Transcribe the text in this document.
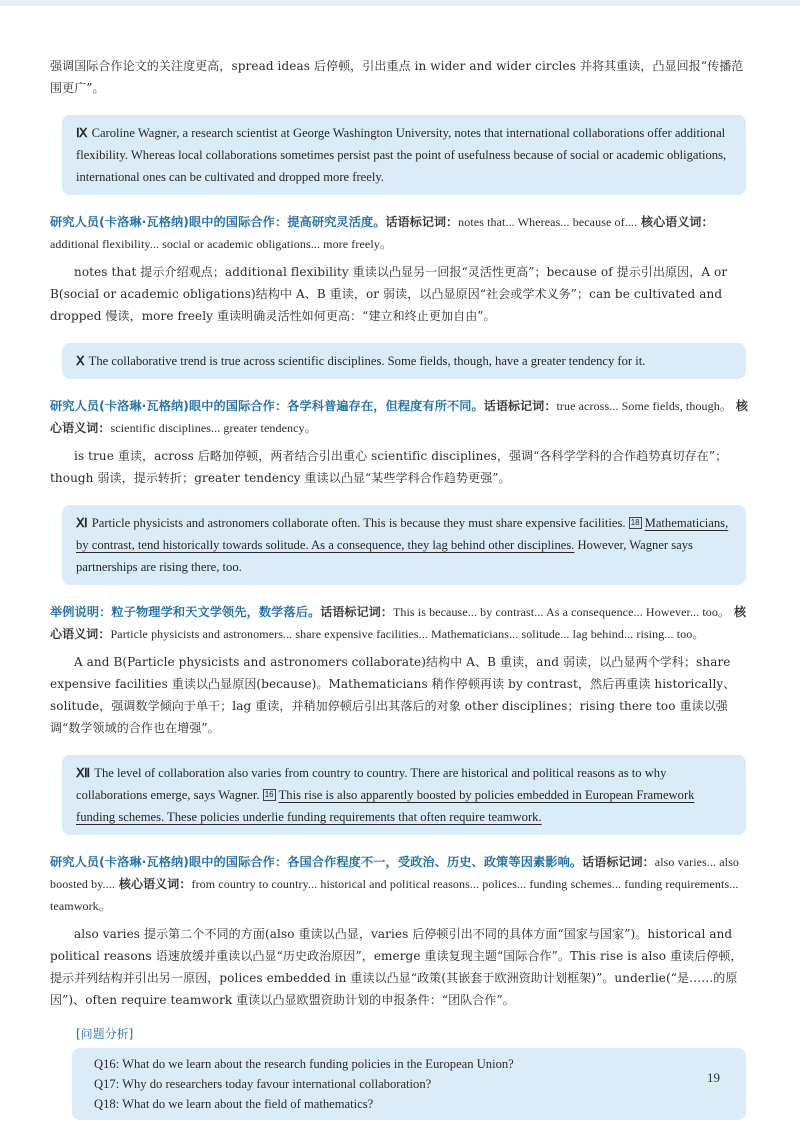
强调国际合作论文的关注度更高，spread ideas 后停顿，引出重点 in wider and wider circles 并将其重读，凸显回报“传播范围更广”。

Ⅸ Caroline Wagner, a research scientist at George Washington University, notes that international collaborations offer additional flexibility. Whereas local collaborations sometimes persist past the point of usefulness because of social or academic obligations, international ones can be cultivated and dropped more freely.

研究人员(卡洛琳·瓦格纳)眼中的国际合作：提高研究灵活度。话语标记词：notes that... Whereas... because of.... 核心语义词：additional flexibility... social or academic obligations... more freely。

notes that 提示介绍观点；additional flexibility 重读以凸显另一回报“灵活性更高”；because of 提示引出原因，A or B(social or academic obligations)结构中 A、B 重读，or 弱读，以凸显原因“社会或学术义务”；can be cultivated and dropped 慢读，more freely 重读明确灵活性如何更高：“建立和终止更加自由”。

Ⅹ The collaborative trend is true across scientific disciplines. Some fields, though, have a greater tendency for it.

研究人员(卡洛琳·瓦格纳)眼中的国际合作：各学科普遍存在，但程度有所不同。话语标记词：true across... Some fields, though。 核心语义词：scientific disciplines... greater tendency。

is true 重读，across 后略加停顿，两者结合引出重心 scientific disciplines，强调“各科学学科的合作趋势真切存在”；though 弱读，提示转折；greater tendency 重读以凸显“某些学科合作趋势更强”。

Ⅺ Particle physicists and astronomers collaborate often. This is because they must share expensive facilities. 18 Mathematicians, by contrast, tend historically towards solitude. As a consequence, they lag behind other disciplines. However, Wagner says partnerships are rising there, too.

举例说明：粒子物理学和天文学领先，数学落后。话语标记词：This is because... by contrast... As a consequence... However... too。 核心语义词：Particle physicists and astronomers... share expensive facilities... Mathematicians... solitude... lag behind... rising... too。

A and B(Particle physicists and astronomers collaborate)结构中 A、B 重读，and 弱读，以凸显两个学科；share expensive facilities 重读以凸显原因(because)。Mathematicians 稍作停顿再读 by contrast，然后再重读 historically、solitude，强调数学倾向于单干；lag 重读，并稍加停顿后引出其落后的对象 other disciplines；rising there too 重读以强调“数学领域的合作也在增强”。

Ⅻ The level of collaboration also varies from country to country. There are historical and political reasons as to why collaborations emerge, says Wagner. 16 This rise is also apparently boosted by policies embedded in European Framework funding schemes. These policies underlie funding requirements that often require teamwork.

研究人员(卡洛琳·瓦格纳)眼中的国际合作：各国合作程度不一，受政治、历史、政策等因素影响。话语标记词：also varies... also boosted by.... 核心语义词：from country to country... historical and political reasons... polices... funding schemes... funding requirements... teamwork。

also varies 提示第二个不同的方面(also 重读以凸显，varies 后停顿引出不同的具体方面“国家与国家”)。historical and political reasons 语速放缓并重读以凸显“历史政治原因”，emerge 重读复现主题“国际合作”。This rise is also 重读后停顿，提示并列结构并引出另一原因，polices embedded in 重读以凸显“政策(其嵌套于欧洲资助计划框架)”。underlie(“是……的原因”)、often require teamwork 重读以凸显欧盟资助计划的申报条件：“团队合作”。

[问题分析]
Q16: What do we learn about the research funding policies in the European Union?
Q17: Why do researchers today favour international collaboration?
Q18: What do we learn about the field of mathematics?
19
